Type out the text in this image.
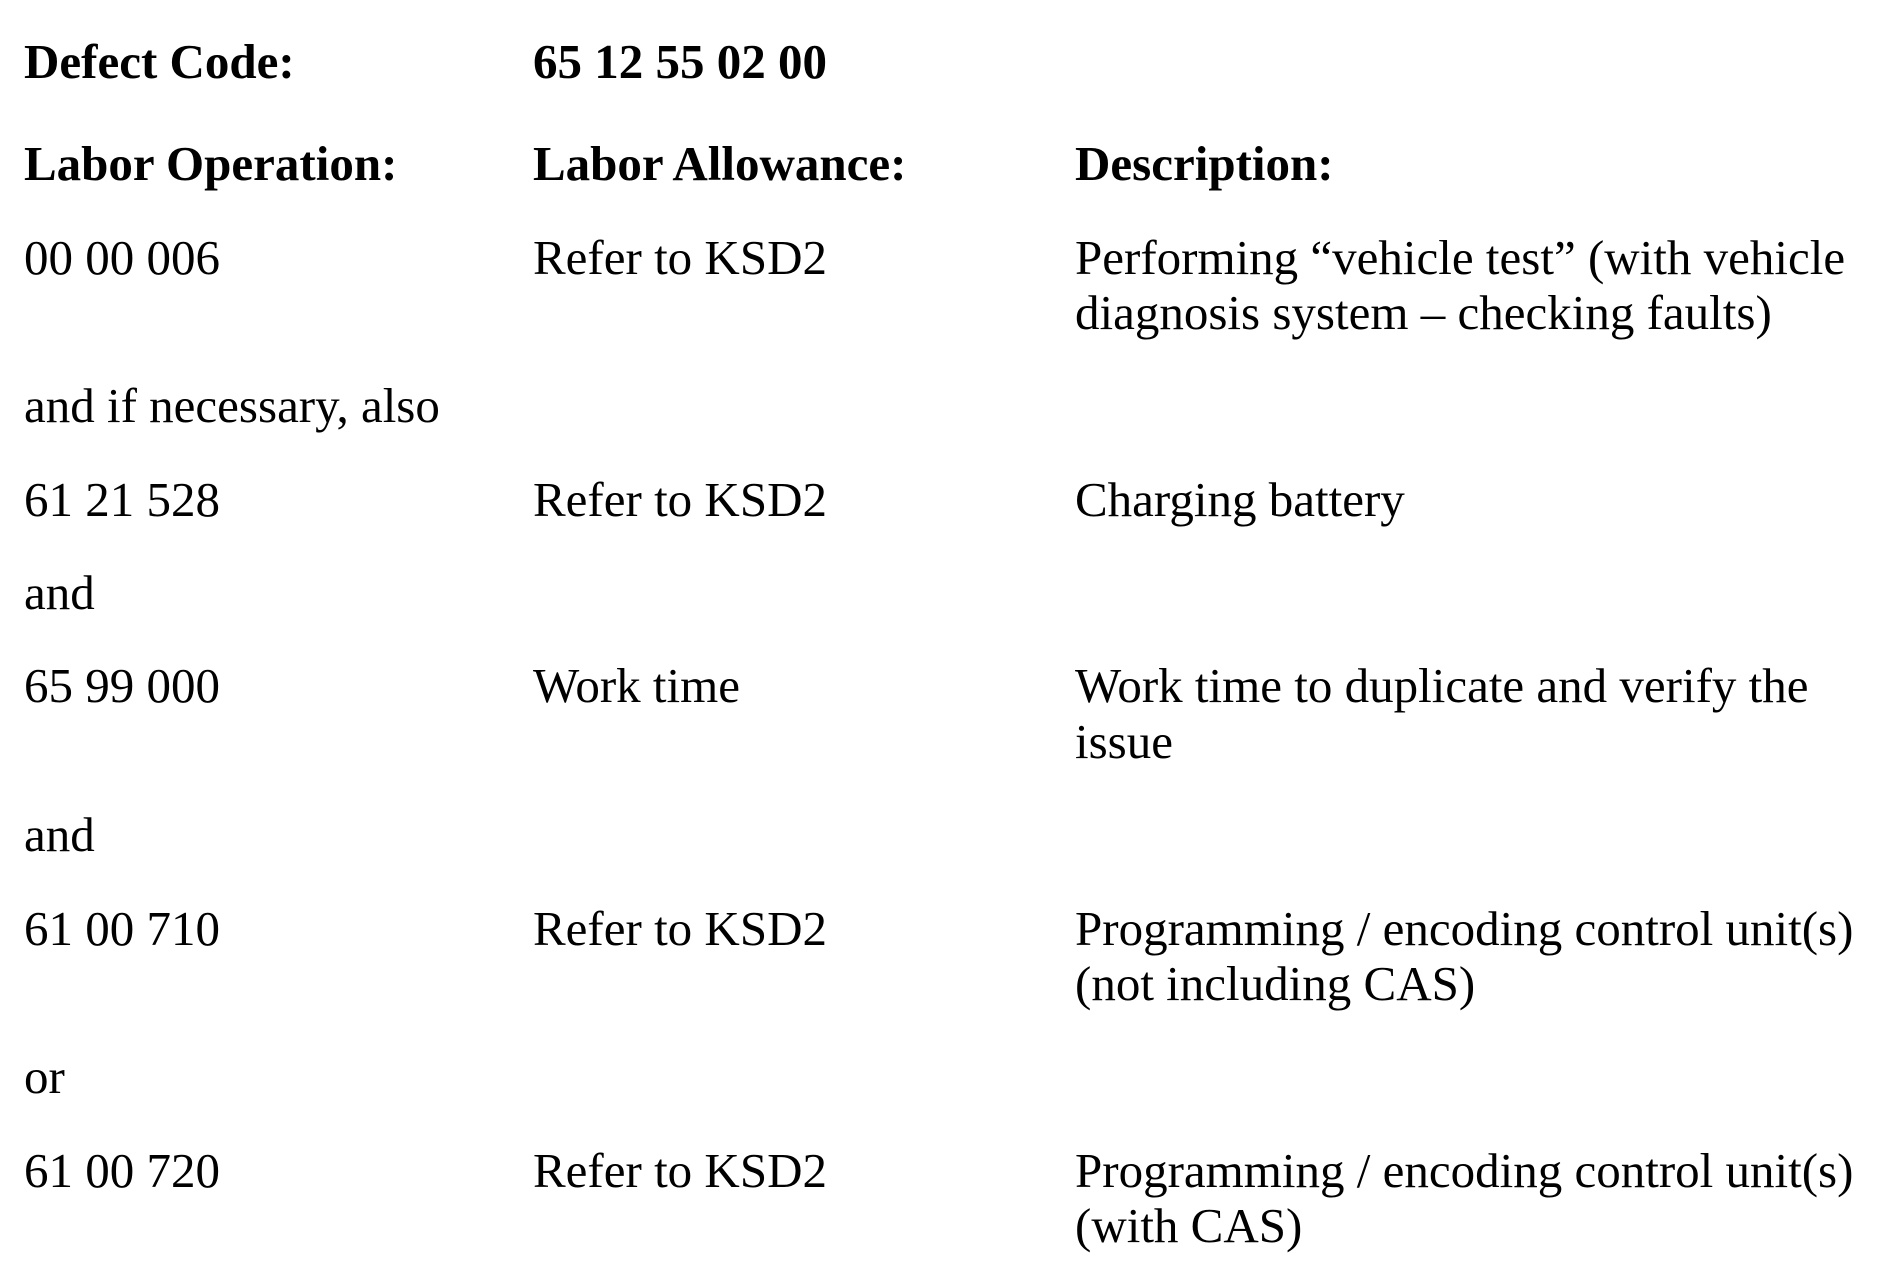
Defect Code:	65 12 55 02 00
Labor Operation:	Labor Allowance:	Description:
00 00 006	Refer to KSD2	Performing “vehicle test” (with vehicle
diagnosis system – checking faults)
and if necessary, also
61 21 528	Refer to KSD2	Charging battery
and
65 99 000	Work time	Work time to duplicate and verify the
issue
and
61 00 710	Refer to KSD2	Programming / encoding control unit(s)
(not including CAS)
or
61 00 720	Refer to KSD2	Programming / encoding control unit(s)
(with CAS)
